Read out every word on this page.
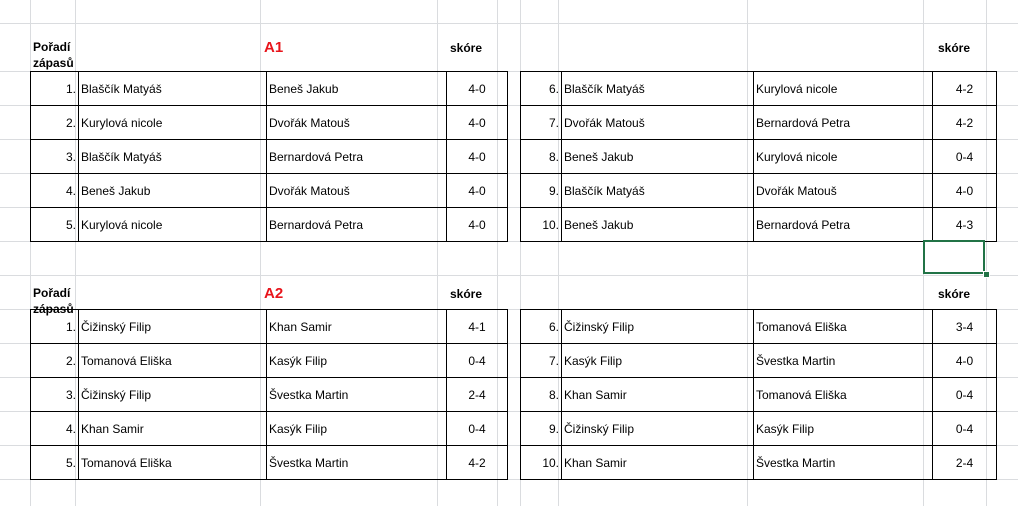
Pořadí zápasů
A1	skóre	skóre
1.	Blaščík Matyáš	Beneš Jakub	4-0
2.	Kurylová nicole	Dvořák Matouš	4-0
3.	Blaščík Matyáš	Bernardová Petra	4-0
4.	Beneš Jakub	Dvořák Matouš	4-0
5.	Kurylová nicole	Bernardová Petra	4-0
6.	Blaščík Matyáš	Kurylová nicole	4-2
7.	Dvořák Matouš	Bernardová Petra	4-2
8.	Beneš Jakub	Kurylová nicole	0-4
9.	Blaščík Matyáš	Dvořák Matouš	4-0
10.	Beneš Jakub	Bernardová Petra	4-3
Pořadí zápasů
A2	skóre	skóre
1.	Čižinský Filip	Khan Samir	4-1
2.	Tomanová Eliška	Kasýk Filip	0-4
3.	Čižinský Filip	Švestka Martin	2-4
4.	Khan Samir	Kasýk Filip	0-4
5.	Tomanová Eliška	Švestka Martin	4-2
6.	Čižinský Filip	Tomanová Eliška	3-4
7.	Kasýk Filip	Švestka Martin	4-0
8.	Khan Samir	Tomanová Eliška	0-4
9.	Čižinský Filip	Kasýk Filip	0-4
10.	Khan Samir	Švestka Martin	2-4
